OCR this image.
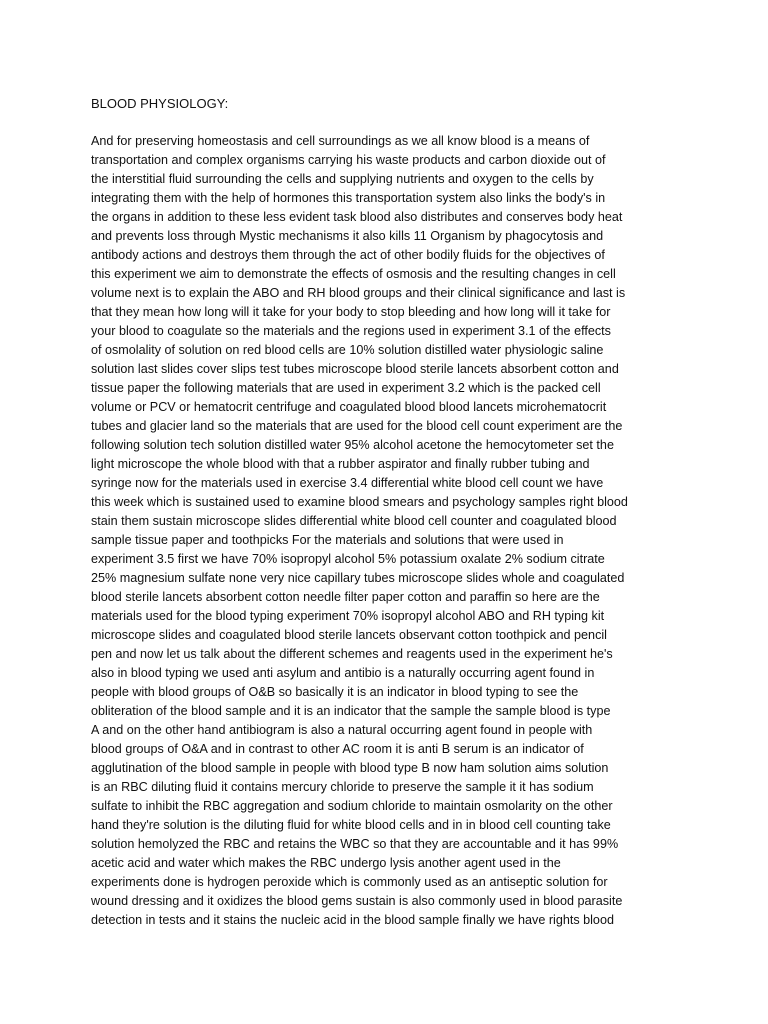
BLOOD PHYSIOLOGY:

And for preserving homeostasis and cell surroundings as we all know blood is a means of
transportation and complex organisms carrying his waste products and carbon dioxide out of
the interstitial fluid surrounding the cells and supplying nutrients and oxygen to the cells by
integrating them with the help of hormones this transportation system also links the body's in
the organs in addition to these less evident task blood also distributes and conserves body heat
and prevents loss through Mystic mechanisms it also kills 11 Organism by phagocytosis and
antibody actions and destroys them through the act of other bodily fluids for the objectives of
this experiment we aim to demonstrate the effects of osmosis and the resulting changes in cell
volume next is to explain the ABO and RH blood groups and their clinical significance and last is
that they mean how long will it take for your body to stop bleeding and how long will it take for
your blood to coagulate so the materials and the regions used in experiment 3.1 of the effects
of osmolality of solution on red blood cells are 10% solution distilled water physiologic saline
solution last slides cover slips test tubes microscope blood sterile lancets absorbent cotton and
tissue paper the following materials that are used in experiment 3.2 which is the packed cell
volume or PCV or hematocrit centrifuge and coagulated blood blood lancets microhematocrit
tubes and glacier land so the materials that are used for the blood cell count experiment are the
following solution tech solution distilled water 95% alcohol acetone the hemocytometer set the
light microscope the whole blood with that a rubber aspirator and finally rubber tubing and
syringe now for the materials used in exercise 3.4 differential white blood cell count we have
this week which is sustained used to examine blood smears and psychology samples right blood
stain them sustain microscope slides differential white blood cell counter and coagulated blood
sample tissue paper and toothpicks For the materials and solutions that were used in
experiment 3.5 first we have 70% isopropyl alcohol 5% potassium oxalate 2% sodium citrate
25% magnesium sulfate none very nice capillary tubes microscope slides whole and coagulated
blood sterile lancets absorbent cotton needle filter paper cotton and paraffin so here are the
materials used for the blood typing experiment 70% isopropyl alcohol ABO and RH typing kit
microscope slides and coagulated blood sterile lancets observant cotton toothpick and pencil
pen and now let us talk about the different schemes and reagents used in the experiment he's
also in blood typing we used anti asylum and antibio is a naturally occurring agent found in
people with blood groups of O&B so basically it is an indicator in blood typing to see the
obliteration of the blood sample and it is an indicator that the sample the sample blood is type
A and on the other hand antibiogram is also a natural occurring agent found in people with
blood groups of O&A and in contrast to other AC room it is anti B serum is an indicator of
agglutination of the blood sample in people with blood type B now ham solution aims solution
is an RBC diluting fluid it contains mercury chloride to preserve the sample it it has sodium
sulfate to inhibit the RBC aggregation and sodium chloride to maintain osmolarity on the other
hand they're solution is the diluting fluid for white blood cells and in in blood cell counting take
solution hemolyzed the RBC and retains the WBC so that they are accountable and it has 99%
acetic acid and water which makes the RBC undergo lysis another agent used in the
experiments done is hydrogen peroxide which is commonly used as an antiseptic solution for
wound dressing and it oxidizes the blood gems sustain is also commonly used in blood parasite
detection in tests and it stains the nucleic acid in the blood sample finally we have rights blood
